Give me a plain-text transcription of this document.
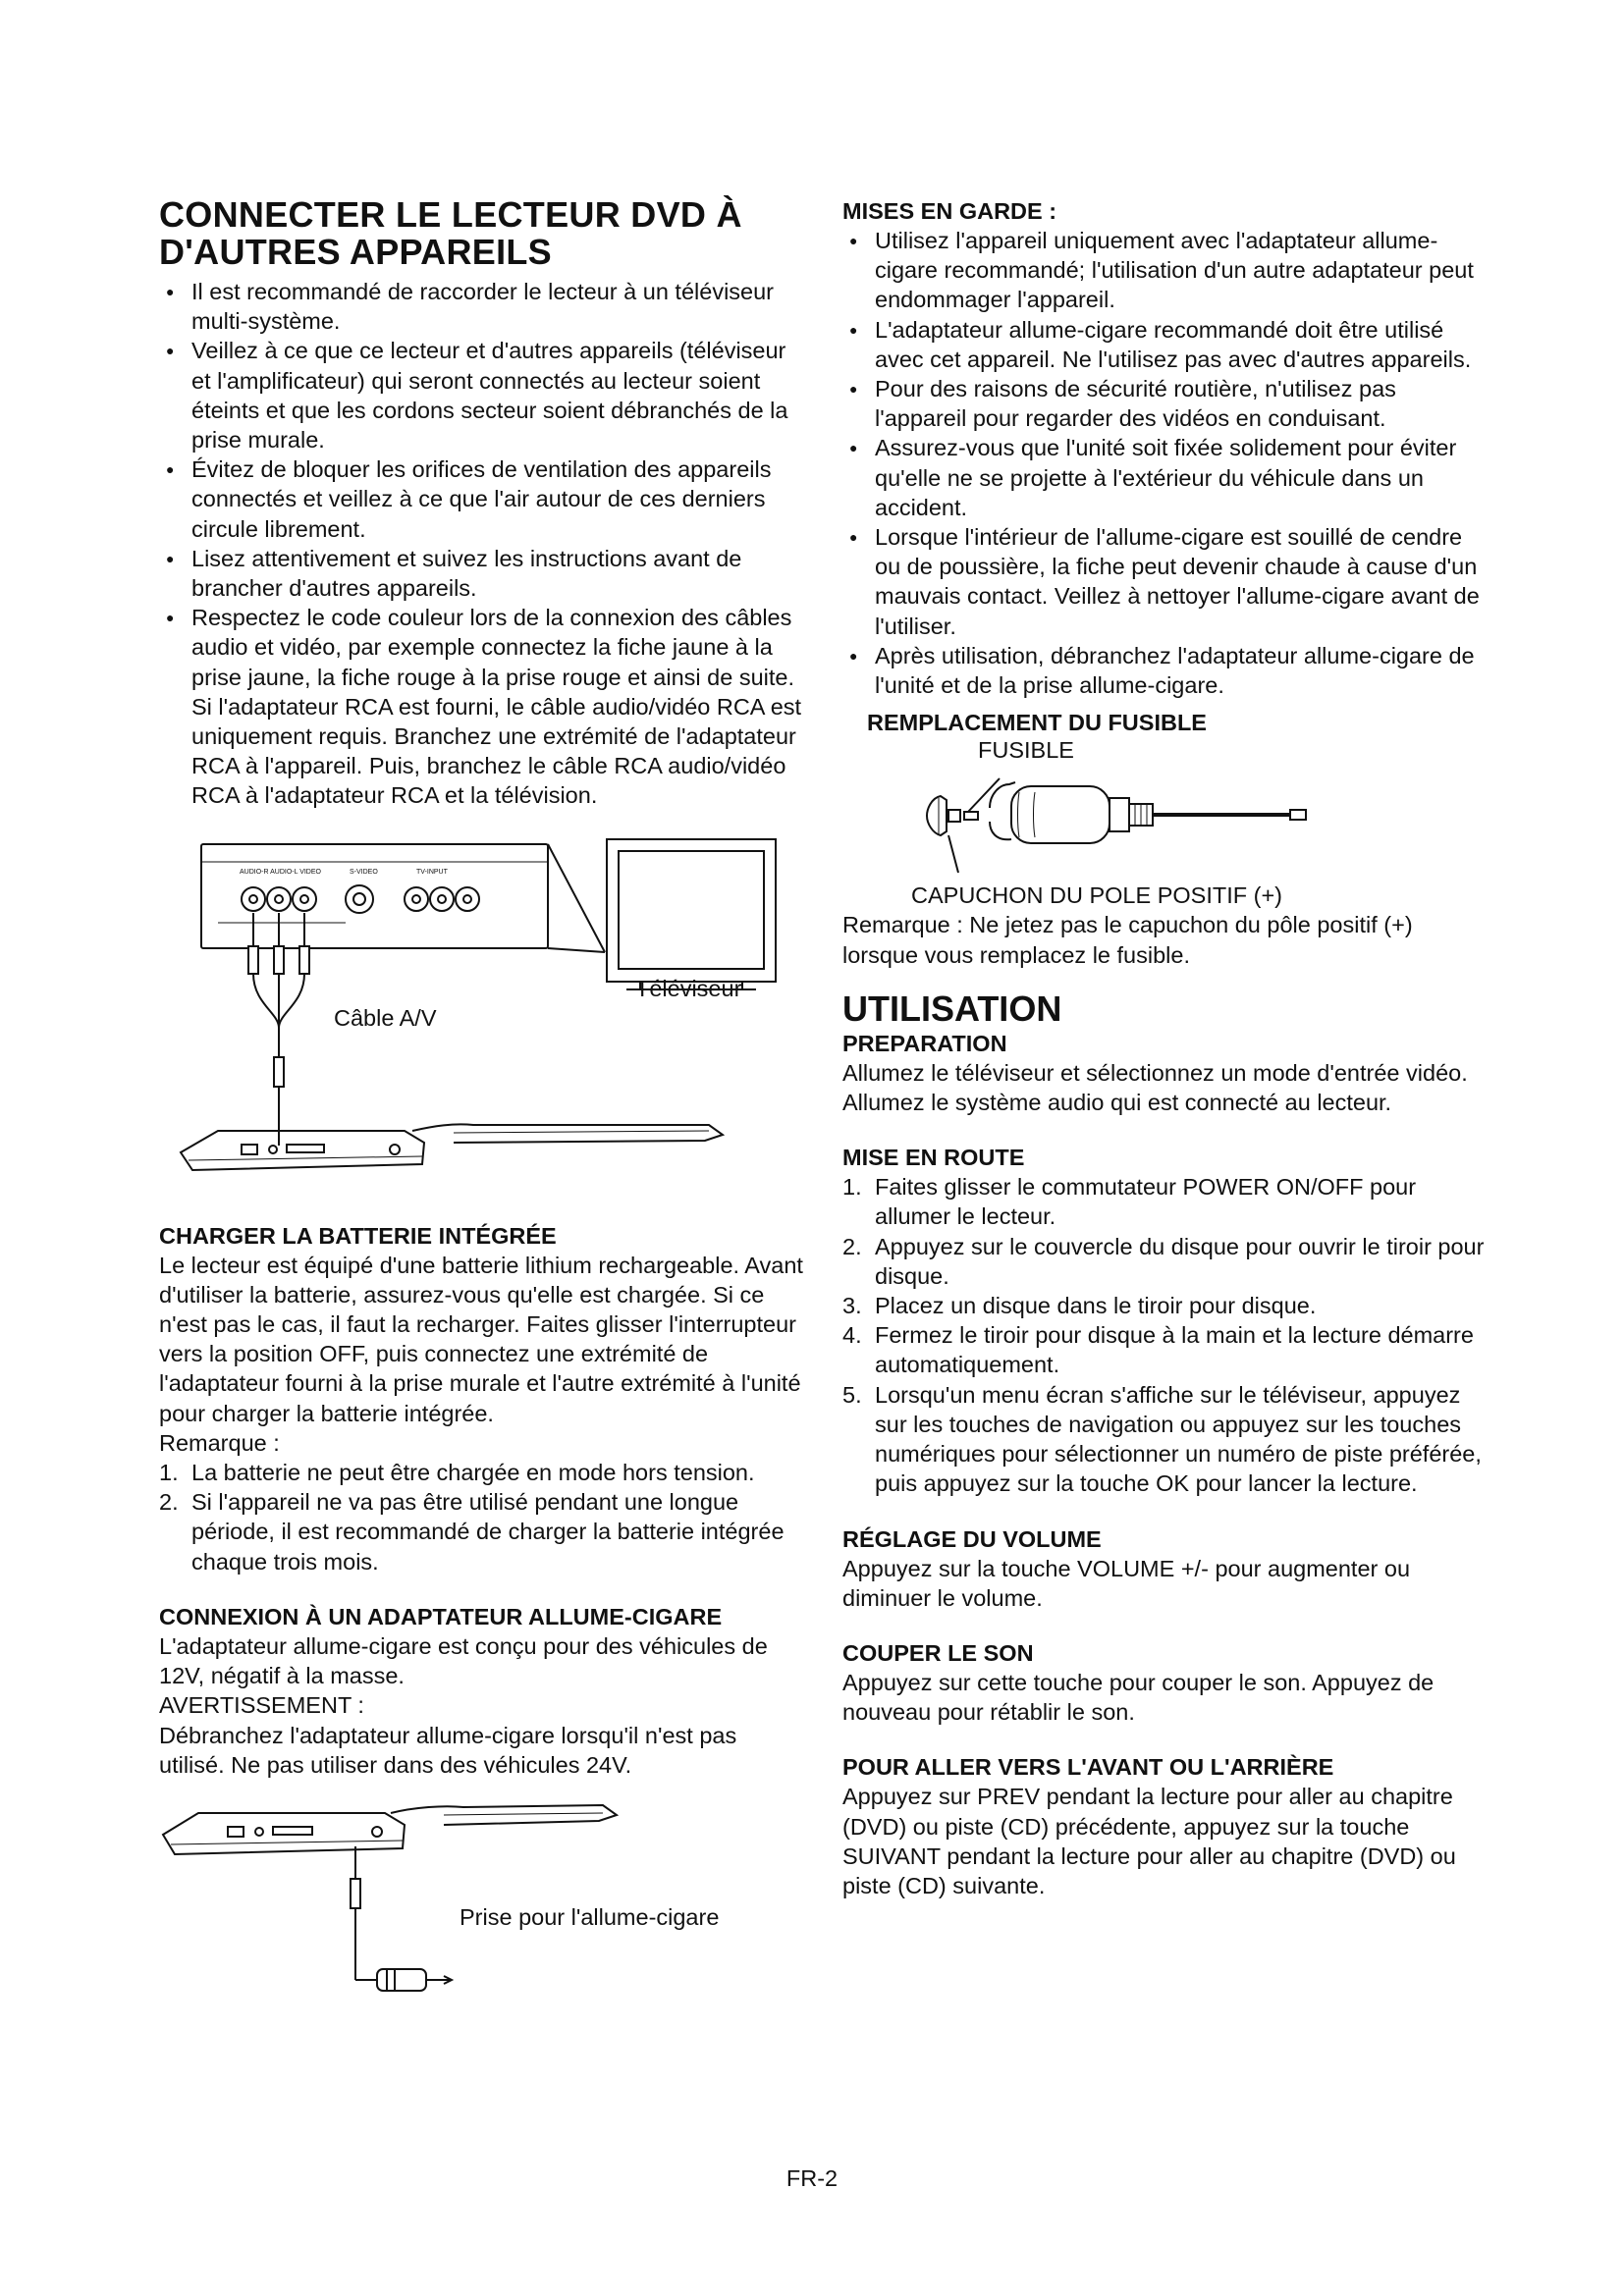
CONNECTER LE LECTEUR DVD À D'AUTRES APPAREILS
● Il est recommandé de raccorder le lecteur à un téléviseur multi-système.
● Veillez à ce que ce lecteur et d'autres appareils (téléviseur et l'amplificateur) qui seront connectés au lecteur soient éteints et que les cordons secteur soient débranchés de la prise murale.
● Évitez de bloquer les orifices de ventilation des appareils connectés et veillez à ce que l'air autour de ces derniers circule librement.
● Lisez attentivement et suivez les instructions avant de brancher d'autres appareils.
● Respectez le code couleur lors de la connexion des câbles audio et vidéo, par exemple connectez la fiche jaune à la prise jaune, la fiche rouge à la prise rouge et ainsi de suite. Si l'adaptateur RCA est fourni, le câble audio/vidéo RCA est uniquement requis. Branchez une extrémité de l'adaptateur RCA à l'appareil. Puis, branchez le câble RCA audio/vidéo RCA à l'adaptateur RCA et la télévision.
AUDIO-R AUDIO-L VIDEO	S-VIDEO	TV-INPUT
Téléviseur
Câble A/V
CHARGER LA BATTERIE INTÉGRÉE

Le lecteur est équipé d'une batterie lithium rechargeable. Avant d'utiliser la batterie, assurez-vous qu'elle est chargée. Si ce n'est pas le cas, il faut la recharger. Faites glisser l'interrupteur vers la position OFF, puis connectez une extrémité de l'adaptateur fourni à la prise murale et l'autre extrémité à l'unité pour charger la batterie intégrée.

Remarque :

1. La batterie ne peut être chargée en mode hors tension.
2. Si l'appareil ne va pas être utilisé pendant une longue période, il est recommandé de charger la batterie intégrée chaque trois mois.
CONNEXION À UN ADAPTATEUR ALLUME-CIGARE

L'adaptateur allume-cigare est conçu pour des véhicules de 12V, négatif à la masse.

AVERTISSEMENT :

Débranchez l'adaptateur allume-cigare lorsqu'il n'est pas utilisé. Ne pas utiliser dans des véhicules 24V.

Prise pour l'allume-cigare
MISES EN GARDE :
● Utilisez l'appareil uniquement avec l'adaptateur allume-cigare recommandé; l'utilisation d'un autre adaptateur peut endommager l'appareil.
● L'adaptateur allume-cigare recommandé doit être utilisé avec cet appareil. Ne l'utilisez pas avec d'autres appareils.
● Pour des raisons de sécurité routière, n'utilisez pas l'appareil pour regarder des vidéos en conduisant.
● Assurez-vous que l'unité soit fixée solidement pour éviter qu'elle ne se projette à l'extérieur du véhicule dans un accident.
● Lorsque l'intérieur de l'allume-cigare est souillé de cendre ou de poussière, la fiche peut devenir chaude à cause d'un mauvais contact. Veillez à nettoyer l'allume-cigare avant de l'utiliser.
● Après utilisation, débranchez l'adaptateur allume-cigare de l'unité et de la prise allume-cigare.
REMPLACEMENT DU FUSIBLE
FUSIBLE
CAPUCHON DU POLE POSITIF (+)

Remarque : Ne jetez pas le capuchon du pôle positif (+) lorsque vous remplacez le fusible.

UTILISATION
PREPARATION

Allumez le téléviseur et sélectionnez un mode d'entrée vidéo.

Allumez le système audio qui est connecté au lecteur.

MISE EN ROUTE
1. Faites glisser le commutateur POWER ON/OFF pour allumer le lecteur.
2. Appuyez sur le couvercle du disque pour ouvrir le tiroir pour disque.
3. Placez un disque dans le tiroir pour disque.
4. Fermez le tiroir pour disque à la main et la lecture démarre automatiquement.
5. Lorsqu'un menu écran s'affiche sur le téléviseur, appuyez sur les touches de navigation ou appuyez sur les touches numériques pour sélectionner un numéro de piste préférée, puis appuyez sur la touche OK pour lancer la lecture.
RÉGLAGE DU VOLUME

Appuyez sur la touche VOLUME +/- pour augmenter ou diminuer le volume.

COUPER LE SON

Appuyez sur cette touche pour couper le son. Appuyez de nouveau pour rétablir le son.

POUR ALLER VERS L'AVANT OU L'ARRIÈRE

Appuyez sur PREV pendant la lecture pour aller au chapitre (DVD) ou piste (CD) précédente, appuyez sur la touche SUIVANT pendant la lecture pour aller au chapitre (DVD) ou piste (CD) suivante.

FR-2
